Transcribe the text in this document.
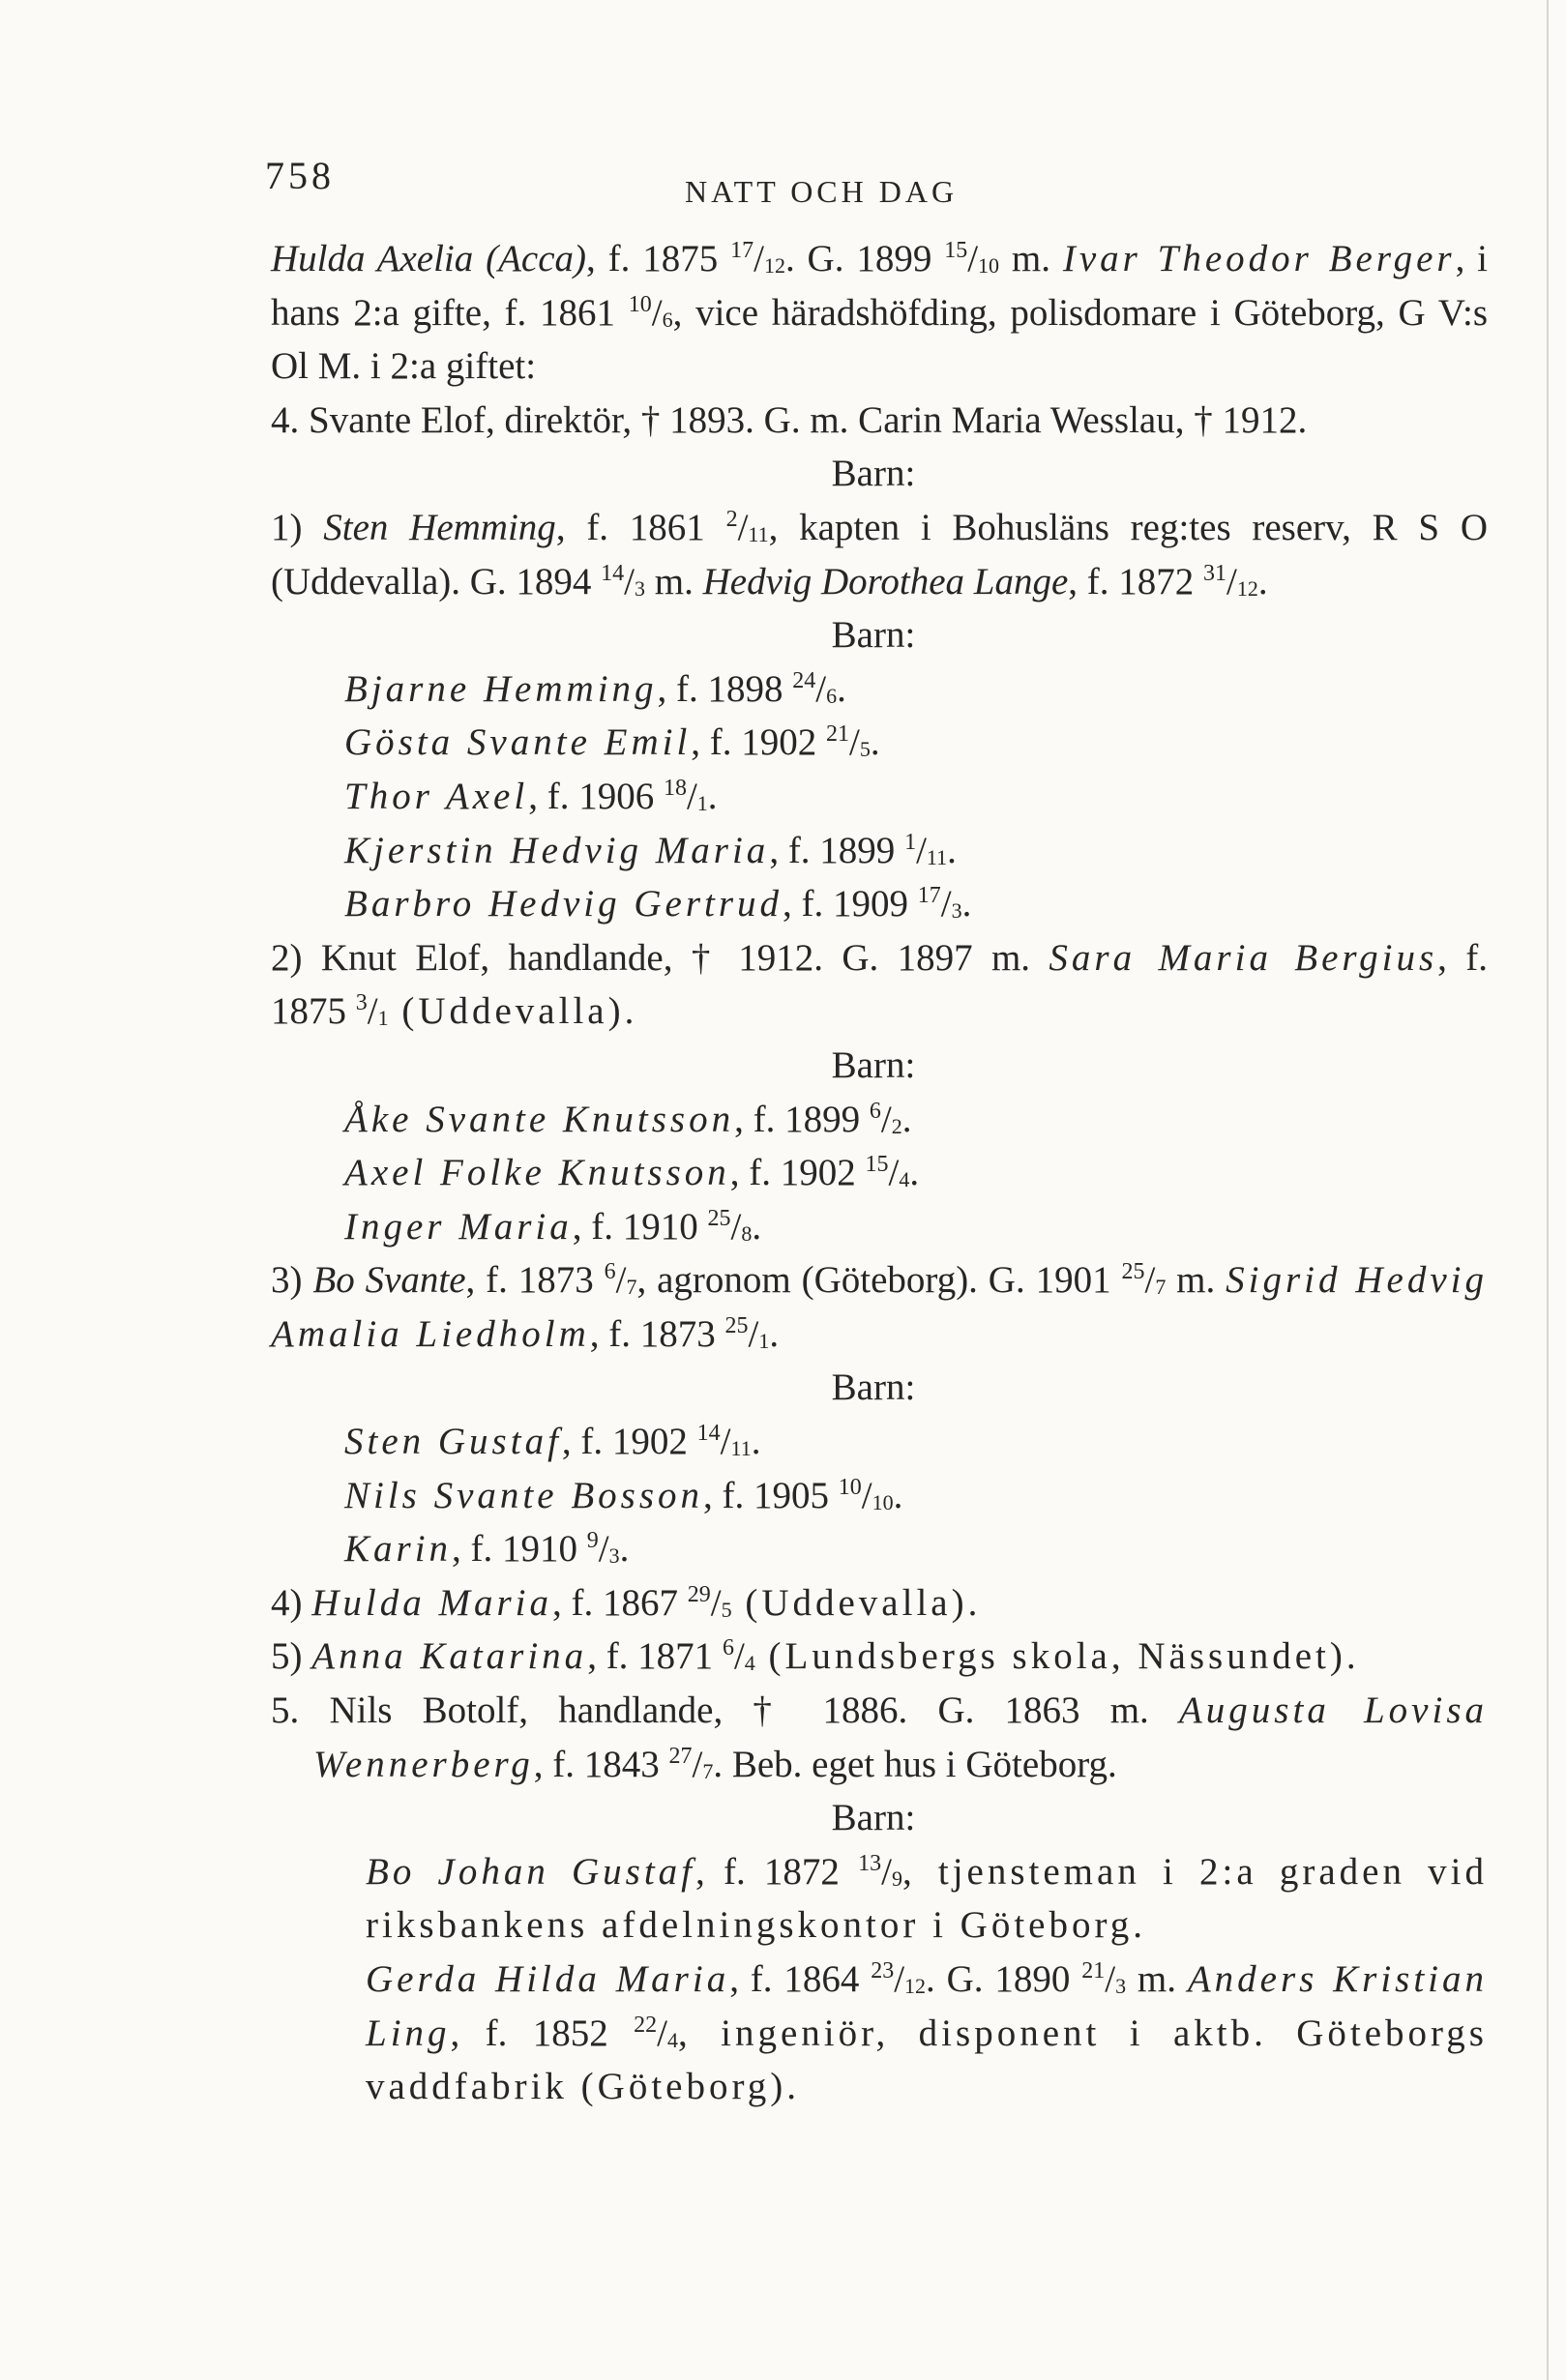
758	NATT OCH DAG

Hulda Axelia (Acca), f. 1875 $^{17}/_{12}$. G. 1899 $^{15}/_{10}$ m. Ivar Theodor Berger, i hans 2:a gifte, f. 1861 $^{10}/_6$, vice häradshöfding, polisdomare i Göteborg, G V:s Ol M. i 2:a giftet:

4. Svante Elof, direktör, † 1893. G. m. Carin Maria Wesslau, † 1912.

Barn:

1) Sten Hemming, f. 1861 $^2/_{11}$, kapten i Bohusläns reg:tes reserv, R S O (Uddevalla). G. 1894 $^{14}/_3$ m. Hedvig Dorothea Lange, f. 1872 $^{31}/_{12}$.

Barn:

Bjarne Hemming, f. 1898 $^{24}/_6$.

Gösta Svante Emil, f. 1902 $^{21}/_5$.

Thor Axel, f. 1906 $^{18}/_1$.

Kjerstin Hedvig Maria, f. 1899 $^1/_{11}$.

Barbro Hedvig Gertrud, f. 1909 $^{17}/_3$.

2) Knut Elof, handlande, † 1912. G. 1897 m. Sara Maria Bergius, f. 1875 $^3/_1$ (Uddevalla).

Barn:

Åke Svante Knutsson, f. 1899 $^6/_2$.

Axel Folke Knutsson, f. 1902 $^{15}/_4$.

Inger Maria, f. 1910 $^{25}/_8$.

3) Bo Svante, f. 1873 $^6/_7$, agronom (Göteborg). G. 1901 $^{25}/_7$ m. Sigrid Hedvig Amalia Liedholm, f. 1873 $^{25}/_1$.

Barn:

Sten Gustaf, f. 1902 $^{14}/_{11}$.

Nils Svante Bosson, f. 1905 $^{10}/_{10}$.

Karin, f. 1910 $^9/_3$.

4) Hulda Maria, f. 1867 $^{29}/_5$ (Uddevalla).

5) Anna Katarina, f. 1871 $^6/_4$ (Lundsbergs skola, Nässundet).

5. Nils Botolf, handlande, † 1886. G. 1863 m. Augusta Lovisa Wennerberg, f. 1843 $^{27}/_7$. Beb. eget hus i Göteborg.

Barn:

Bo Johan Gustaf, f. 1872 $^{13}/_9$, tjensteman i 2:a graden vid riksbankens afdelningskontor i Göteborg.

Gerda Hilda Maria, f. 1864 $^{23}/_{12}$. G. 1890 $^{21}/_3$ m. Anders Kristian Ling, f. 1852 $^{22}/_4$, ingeniör, disponent i aktb. Göteborgs vaddfabrik (Göteborg).
